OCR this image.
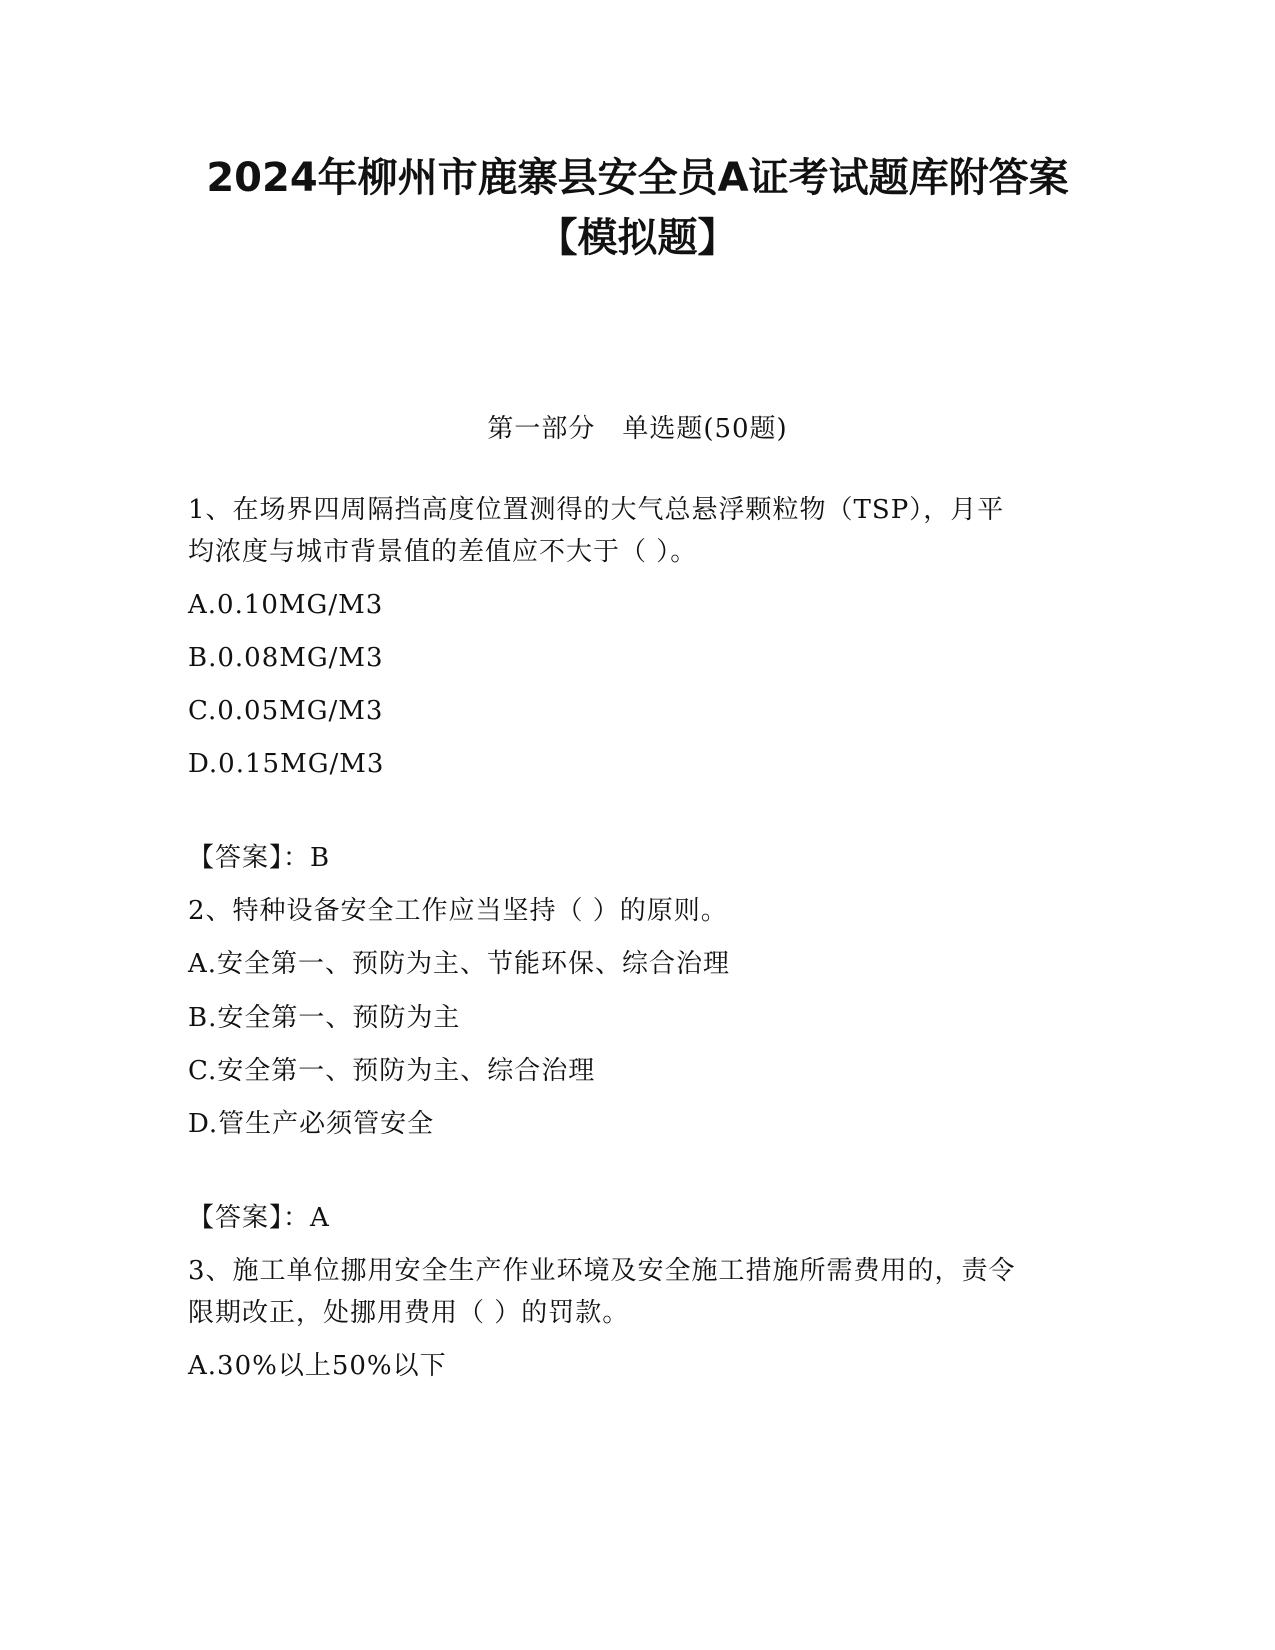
2024年柳州市鹿寨县安全员A证考试题库附答案
【模拟题】
第一部分　单选题(50题)
1、在场界四周隔挡高度位置测得的大气总悬浮颗粒物（TSP），月平
均浓度与城市背景值的差值应不大于（ ）。
A.0.10MG/M3
B.0.08MG/M3
C.0.05MG/M3
D.0.15MG/M3
【答案】：B
2、特种设备安全工作应当坚持（ ）的原则。
A.安全第一、预防为主、节能环保、综合治理
B.安全第一、预防为主
C.安全第一、预防为主、综合治理
D.管生产必须管安全
【答案】：A
3、施工单位挪用安全生产作业环境及安全施工措施所需费用的，责令
限期改正，处挪用费用（ ）的罚款。
A.30%以上50%以下
